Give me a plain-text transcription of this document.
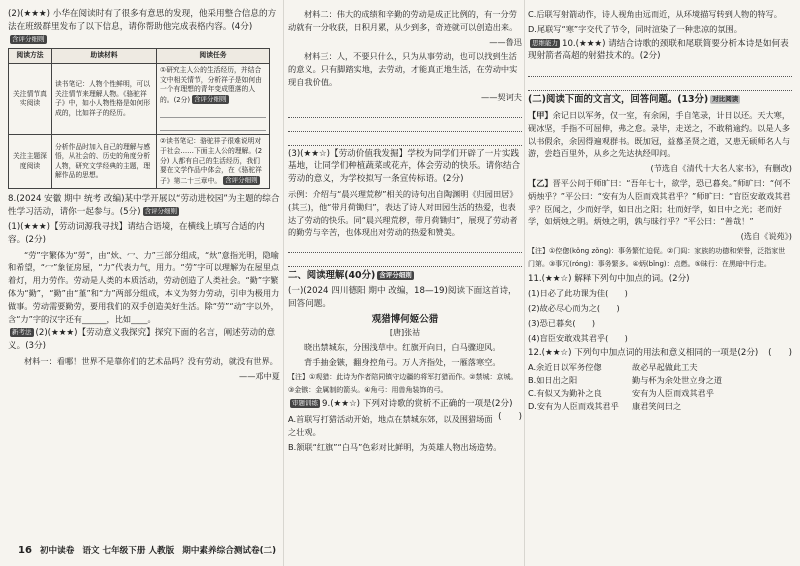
(2)(★★★) 小华在阅读时有了很多有意思的发现，他采用整合信息的方法在班级群里发布了以下信息，请你帮助他完成表格内容。(4分)含评分细则

阅读方法	助读材料	阅读任务
关注情节真实阅读	读书笔记：人物个性鲜明，可以关注情节来理解人物。《骆驼祥子》中，如小人物性格是如何形成的，比如祥子的经历。	①研究主人公的生活经历，并结合文中相关情节，分析祥子是如何由一个有理想的青年变成堕落的人的。(2分) 含评分细则

关注主题深度阅读	分析作品时加入自己的理解与感悟，从社会的、历史的角度分析人物，研究文学经典的主题，理解作品的思想。	②读书笔记：骆驼祥子很难说明对于社会……下面主人公的理解。(2分) 人都有自己的生活经历，我们要在文学作品中体会，在《骆驼祥子》第二十三章中。 含评分细则

8.(2024 安徽 期中 统考 改编)某中学开展以“劳动进校园”为主题的综合性学习活动，请你一起参与。(5分) 含评分细则

(1)(★★★)【劳动词源我寻找】请结合语境，在横线上填写合适的内容。(2分)

“劳”字繁体为“勞”，由“炏、冖、力”三部分组成，“炏”意指光明，隐喻和希望，“冖”象征房屋，“力”代表力气，用力。“劳”字可以理解为在屋里点着灯，用力劳作。劳动是人类的本质活动，劳动创造了人类社会。“勤”字繁体为“勤”，“勤”由“堇”和“力”两部分组成，本义为努力劳动，引申为极用力做事。劳动需要勤劳，要用我们的双手创造美好生活。除“劳”“动”字以外，含“力”字的汉字还有______，比如____。

新考法 (2)(★★★)【劳动意义我探究】探究下面的名言，阐述劳动的意义。(3分)

材料一：看哪！世界不是靠你们的艺术品吗？没有劳动，就没有世界。

——邓中夏

材料二：伟大的成绩和辛勤的劳动是成正比例的，有一分劳动就有一分收获，日积月累，从少到多，奇迹就可以创造出来。

——鲁迅

材料三：人，不要只什么，只为从事劳动，也可以找到生活的意义。只有脚踏实地，去劳动，才能真正地生活，在劳动中实现自我价值。

——契诃夫

(3)(★★☆)【劳动价值我发掘】学校为同学们开辟了一片实践基地，让同学们种植蔬菜或花卉，体会劳动的快乐。请你结合劳动的意义，为学校拟写一条宣传标语。(2分)

示例：介绍与“晨兴理荒秽”相关的诗句出自陶渊明《归园田居》(其三)，他“带月荷锄归”，表达了诗人对田园生活的热爱，也表达了劳动的快乐。同“晨兴理荒秽，带月荷锄归”，展现了劳动者的勤劳与辛苦，也体现出对劳动的热爱和赞美。

二、阅读理解(40分) 含评分细则

(一)(2024 四川德阳 期中 改编，18—19)阅读下面这首诗，回答问题。

观猎博何姬公猎

[唐]张祜

晓出禁城东，分围浅草中。红旗开向日，白马骤迎风。

背手抽金镞，翻身控角弓。万人齐指处，一雁落寒空。

【注】①观猎：此诗为作者陪同镇守边疆的将军打猎而作。②禁城：京城。③金镞：金属制的箭头。④角弓：用兽角装饰的弓。

审题训练 9.(★★☆) 下列对诗歌的赏析不正确的一项是(2分)
(　　)

A.首联写打猎活动开始，地点在禁城东郊，以及围猎场面之壮观。

B.颔联“红旗”“白马”色彩对比鲜明，为英雄人物出场造势。

C.后联写射箭动作，诗人视角由远而近，从环境描写转到人物的特写。

D.尾联写“寒”字交代了节令，同时渲染了一种悲凉的氛围。

思维能力 10.(★★★) 请结合诗歌的颈联和尾联简要分析本诗是如何表现射箭者高超的射猎技术的。(2分)

(二)阅读下面的文言文，回答问题。(13分) 对比阅读

【甲】余记日以军务，仅一室，有余闲，手自笔录，计日以还。天大寒，砚冰坚，手指不可屈伸，弗之怠。录毕，走送之，不敢稍逾约。以是人多以书假余，余因得遍观群书。既加冠，益慕圣贤之道，又患无硕师名人与游，尝趋百里外，从乡之先达执经叩问。

(节选自《清代十大名人家书》，有删改)

【乙】晋平公问于师旷曰：“吾年七十，欲学，恐已暮矣。”师旷曰：“何不炳烛乎？”平公曰：“安有为人臣而戏其君乎？”师旷曰：“盲臣安敢戏其君乎？臣闻之，少而好学，如日出之阳；壮而好学，如日中之光；老而好学，如炳烛之明。炳烛之明，孰与昧行乎？”平公曰：“善哉！”

(选自《说苑》)

【注】①倥偬(kǒng zǒng)：事务繁忙迫促。②门闾：家族的功德和荣誉，泛指家世门第。③事冗(róng)：事务繁多。④炳(bǐng)：点燃。⑤昧行：在黑暗中行走。

11.(★★☆) 解释下列句中加点的词。(2分)

(1)日必了此功课为佳(　　)

(2)故必尽心而为之(　　)

(3)恐已暮矣(　　)

(4)盲臣安敢戏其君乎(　　)

12.(★★☆) 下列句中加点词的用法和意义相同的一项是(2分) (　　)

A.余近日以军务倥偬	故必早起做此工夫
B.如日出之阳	勤与杯为余处世立身之道
C.有似又为勤补之良	安有为人臣而戏其君乎
D.安有为人臣而戏其君乎	康君笑问曰之
16 初中读卷 语文 七年级下册 人教版 期中素养综合测试卷(二)
